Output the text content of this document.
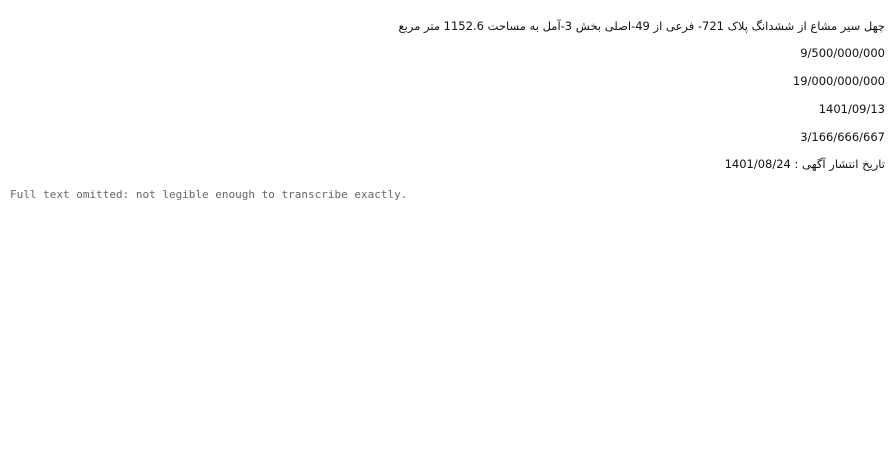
چهل سیر مشاع از ششدانگ پلاک 721- فرعی از 49-اصلی بخش 3-آمل به مساحت 1152.6 متر مربع

9/500/000/000

19/000/000/000

1401/09/13

3/166/666/667

تاریخ انتشار آگهی : 1401/08/24

Full text omitted: not legible enough to transcribe exactly.
